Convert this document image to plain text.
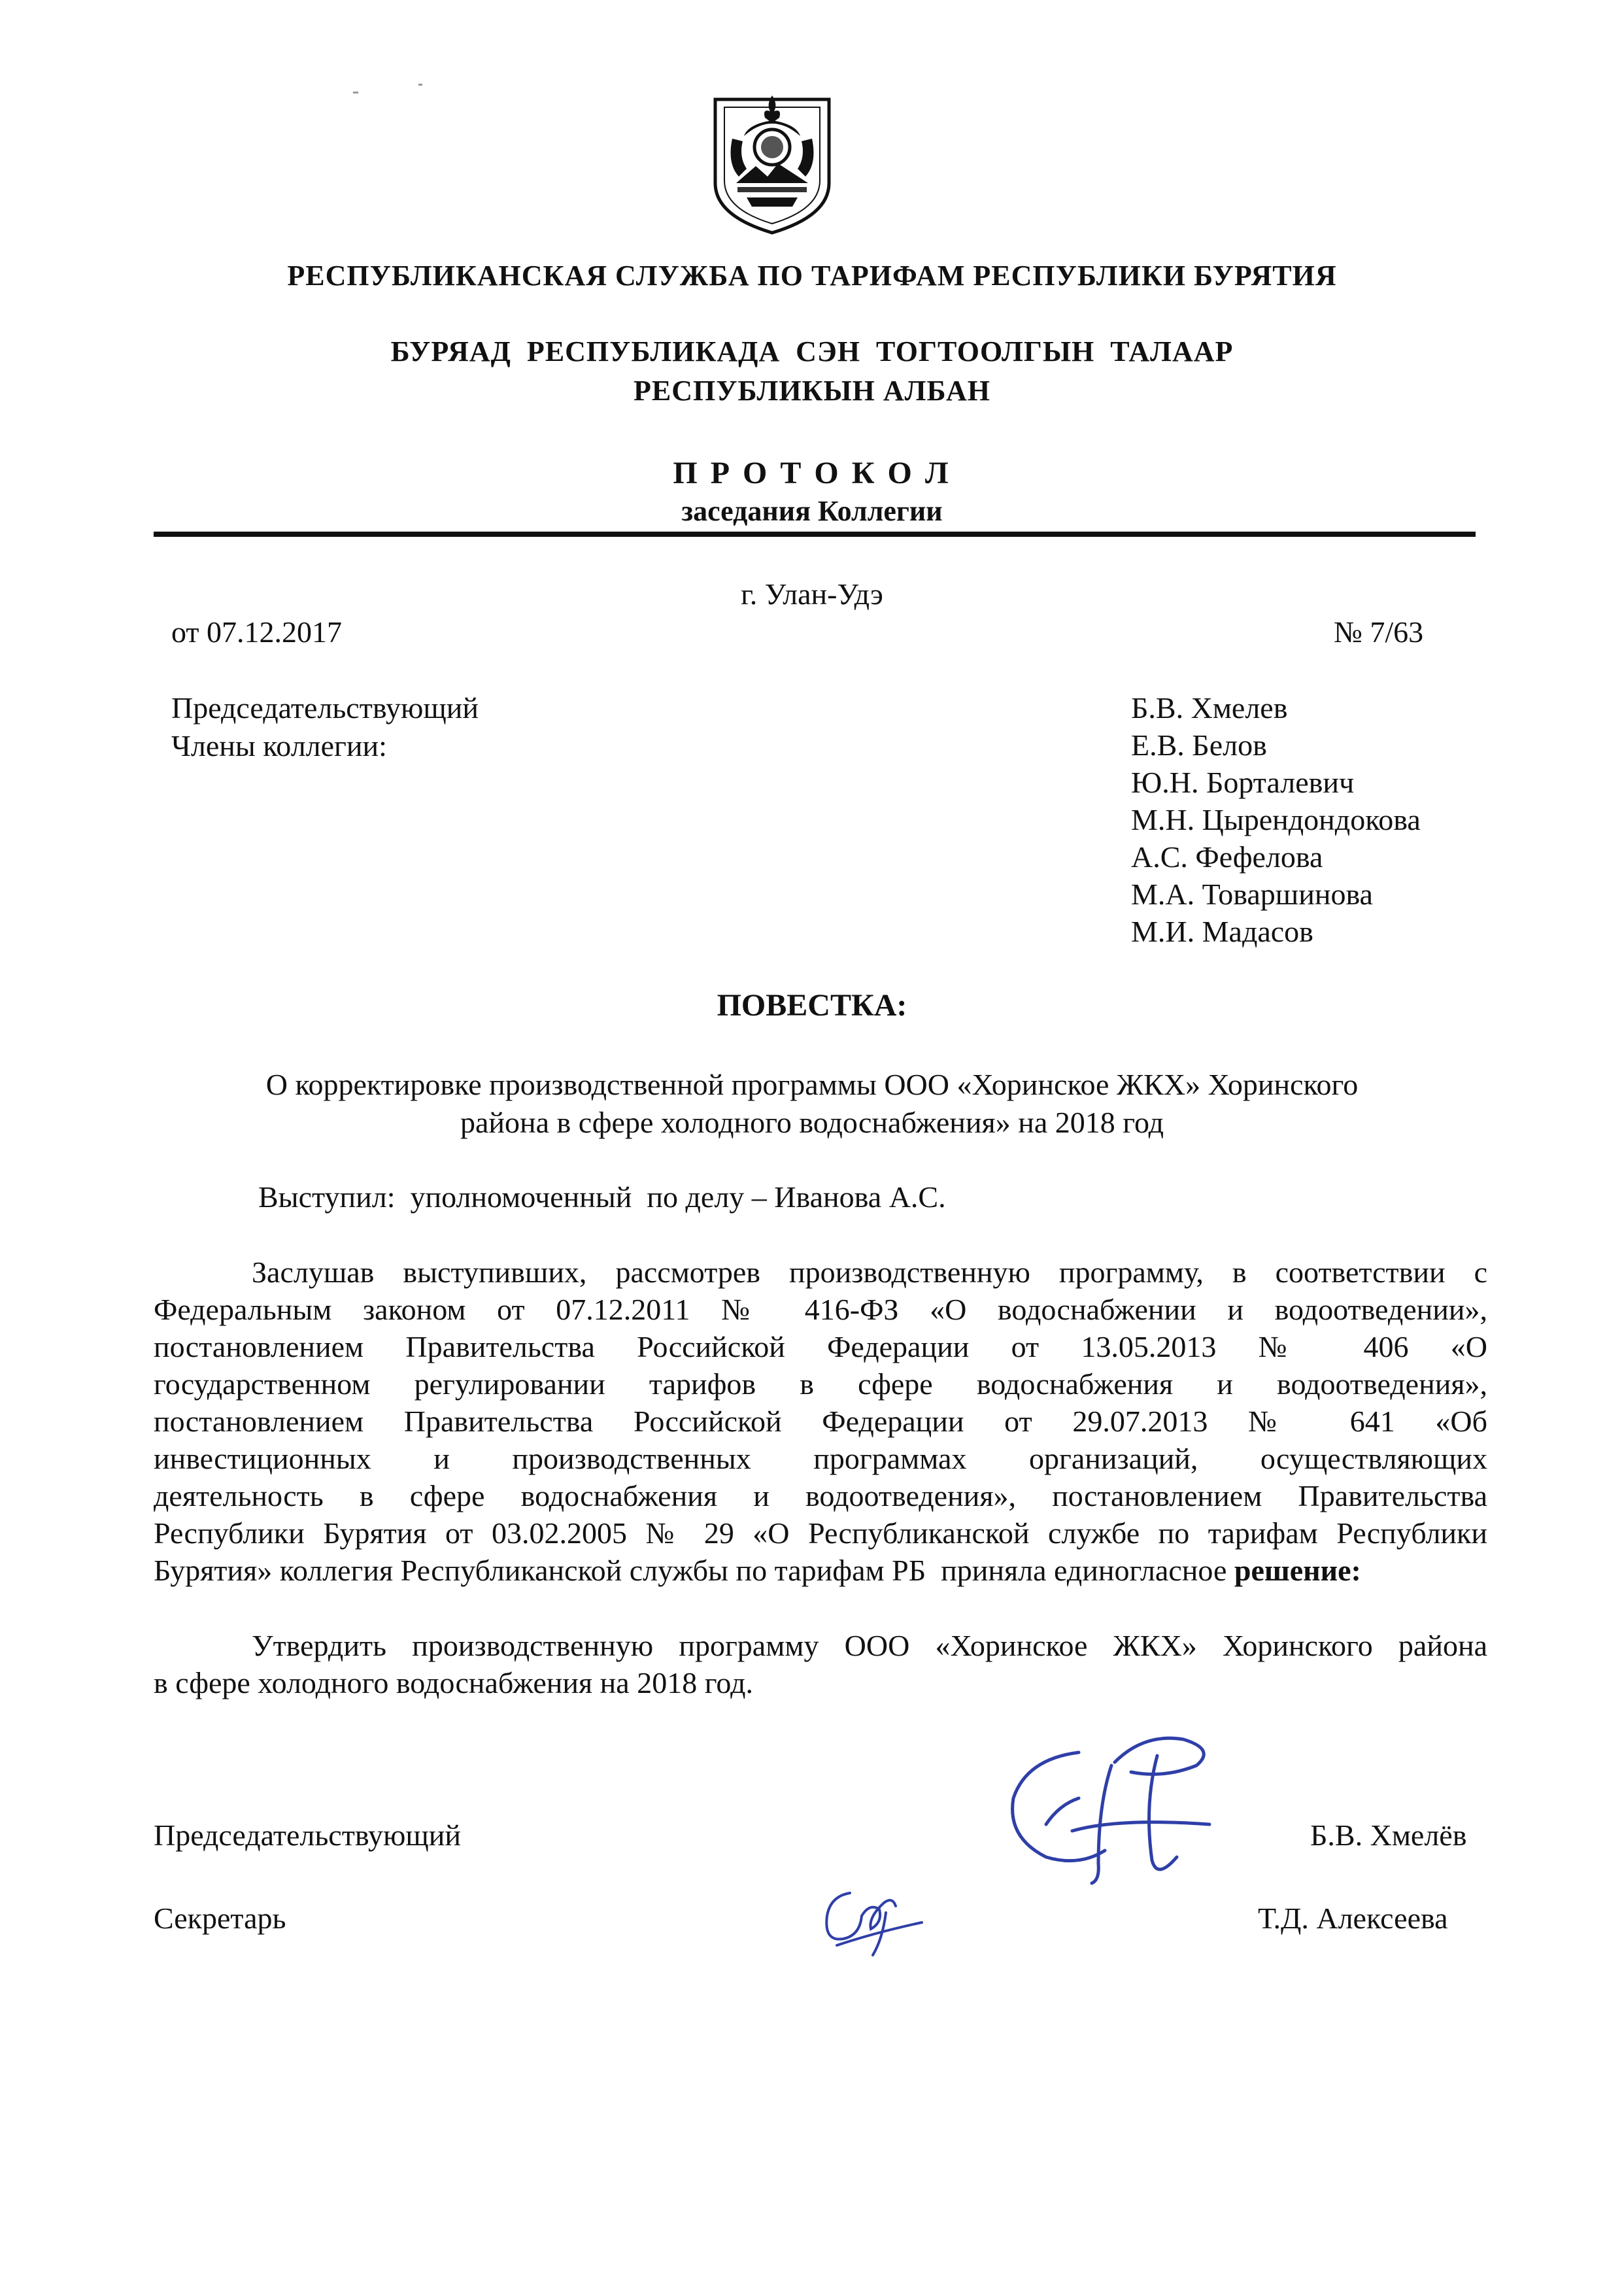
РЕСПУБЛИКАНСКАЯ СЛУЖБА ПО ТАРИФАМ РЕСПУБЛИКИ БУРЯТИЯ
БУРЯАД  РЕСПУБЛИКАДА  СЭН  ТОГТООЛГЫН  ТАЛААР
РЕСПУБЛИКЫН АЛБАН
П Р О Т О К О Л
заседания Коллегии
г. Улан-Удэ
от 07.12.2017	№ 7/63
Председательствующий
Члены коллегии:
Б.В. Хмелев
Е.В. Белов
Ю.Н. Борталевич
М.Н. Цырендондокова
А.С. Фефелова
М.А. Товаршинова
М.И. Мадасов
ПОВЕСТКА:
О корректировке производственной программы ООО «Хоринское ЖКХ» Хоринского
района в сфере холодного водоснабжения» на 2018 год
Выступил:  уполномоченный  по делу – Иванова А.С.
Заслушав выступивших, рассмотрев производственную программу, в соответствии с
Федеральным законом от 07.12.2011 № 416-ФЗ «О водоснабжении и водоотведении»,
постановлением Правительства Российской Федерации от 13.05.2013 № 406 «О
государственном регулировании тарифов в сфере водоснабжения и водоотведения»,
постановлением Правительства Российской Федерации от 29.07.2013 № 641 «Об
инвестиционных и производственных программах организаций, осуществляющих
деятельность в сфере водоснабжения и водоотведения», постановлением Правительства
Республики Бурятия от 03.02.2005 № 29 «О Республиканской службе по тарифам Республики
Бурятия» коллегия Республиканской службы по тарифам РБ  приняла единогласное решение:
Утвердить производственную программу ООО «Хоринское ЖКХ» Хоринского района
в сфере холодного водоснабжения на 2018 год.
Председательствующий	Б.В. Хмелёв
Секретарь	Т.Д. Алексеева
